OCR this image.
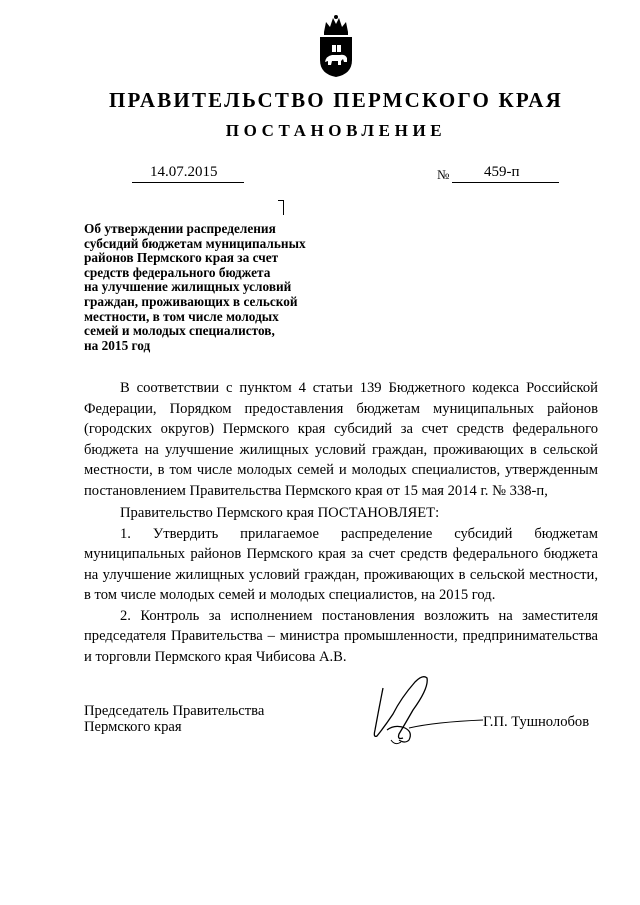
ПРАВИТЕЛЬСТВО ПЕРМСКОГО КРАЯ
ПОСТАНОВЛЕНИЕ
14.07.2015	№ 459-п
Об утверждении распределения
субсидий бюджетам муниципальных
районов Пермского края за счет
средств федерального бюджета
на улучшение жилищных условий
граждан, проживающих в сельской
местности, в том числе молодых
семей и молодых специалистов,
на 2015 год

В соответствии с пунктом 4 статьи 139 Бюджетного кодекса Российской Федерации, Порядком предоставления бюджетам муниципальных районов (городских округов) Пермского края субсидий за счет средств федерального бюджета на улучшение жилищных условий граждан, проживающих в сельской местности, в том числе молодых семей и молодых специалистов, утвержденным постановлением Правительства Пермского края от 15 мая 2014 г. № 338-п,

Правительство Пермского края ПОСТАНОВЛЯЕТ:

1. Утвердить прилагаемое распределение субсидий бюджетам муниципальных районов Пермского края за счет средств федерального бюджета на улучшение жилищных условий граждан, проживающих в сельской местности, в том числе молодых семей и молодых специалистов, на 2015 год.

2. Контроль за исполнением постановления возложить на заместителя председателя Правительства – министра промышленности, предпринимательства и торговли Пермского края Чибисова А.В.

Председатель Правительства
Пермского края	Г.П. Тушнолобов
